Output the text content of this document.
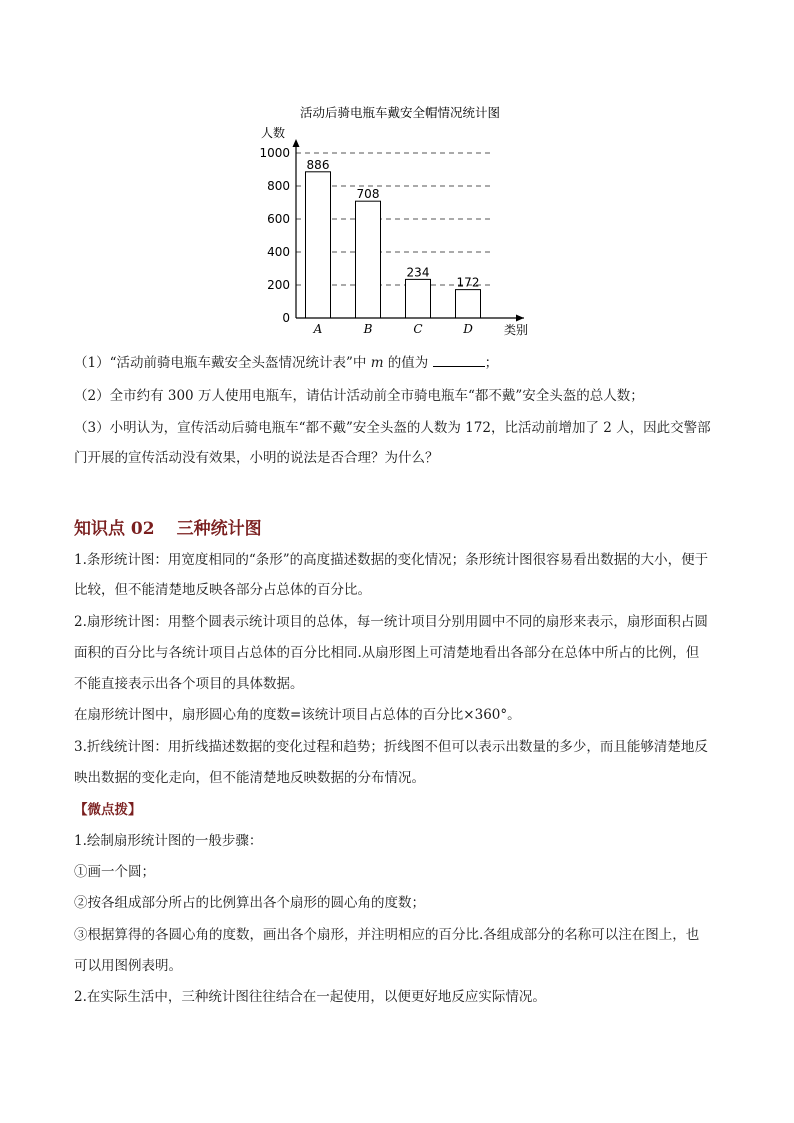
活动后骑电瓶车戴安全帽情况统计图
人数
类别
0
200
400
600
800
1000
886
A
708
B
234
C
172
D
（1）“活动前骑电瓶车戴安全头盔情况统计表”中 m 的值为	；
（2）全市约有 300 万人使用电瓶车，请估计活动前全市骑电瓶车“都不戴”安全头盔的总人数；
（3）小明认为，宣传活动后骑电瓶车“都不戴”安全头盔的人数为 172，比活动前增加了 2 人，因此交警部
门开展的宣传活动没有效果，小明的说法是否合理？为什么？
知识点 02 三种统计图
1.条形统计图：用宽度相同的“条形”的高度描述数据的变化情况；条形统计图很容易看出数据的大小，便于
比较，但不能清楚地反映各部分占总体的百分比。
2.扇形统计图：用整个圆表示统计项目的总体，每一统计项目分别用圆中不同的扇形来表示，扇形面积占圆
面积的百分比与各统计项目占总体的百分比相同.从扇形图上可清楚地看出各部分在总体中所占的比例，但
不能直接表示出各个项目的具体数据。
在扇形统计图中，扇形圆心角的度数=该统计项目占总体的百分比×360°。
3.折线统计图：用折线描述数据的变化过程和趋势；折线图不但可以表示出数量的多少，而且能够清楚地反
映出数据的变化走向，但不能清楚地反映数据的分布情况。
【微点拨】
1.绘制扇形统计图的一般步骤：
①画一个圆；
②按各组成部分所占的比例算出各个扇形的圆心角的度数；
③根据算得的各圆心角的度数，画出各个扇形，并注明相应的百分比.各组成部分的名称可以注在图上，也
可以用图例表明。
2.在实际生活中，三种统计图往往结合在一起使用，以便更好地反应实际情况。
